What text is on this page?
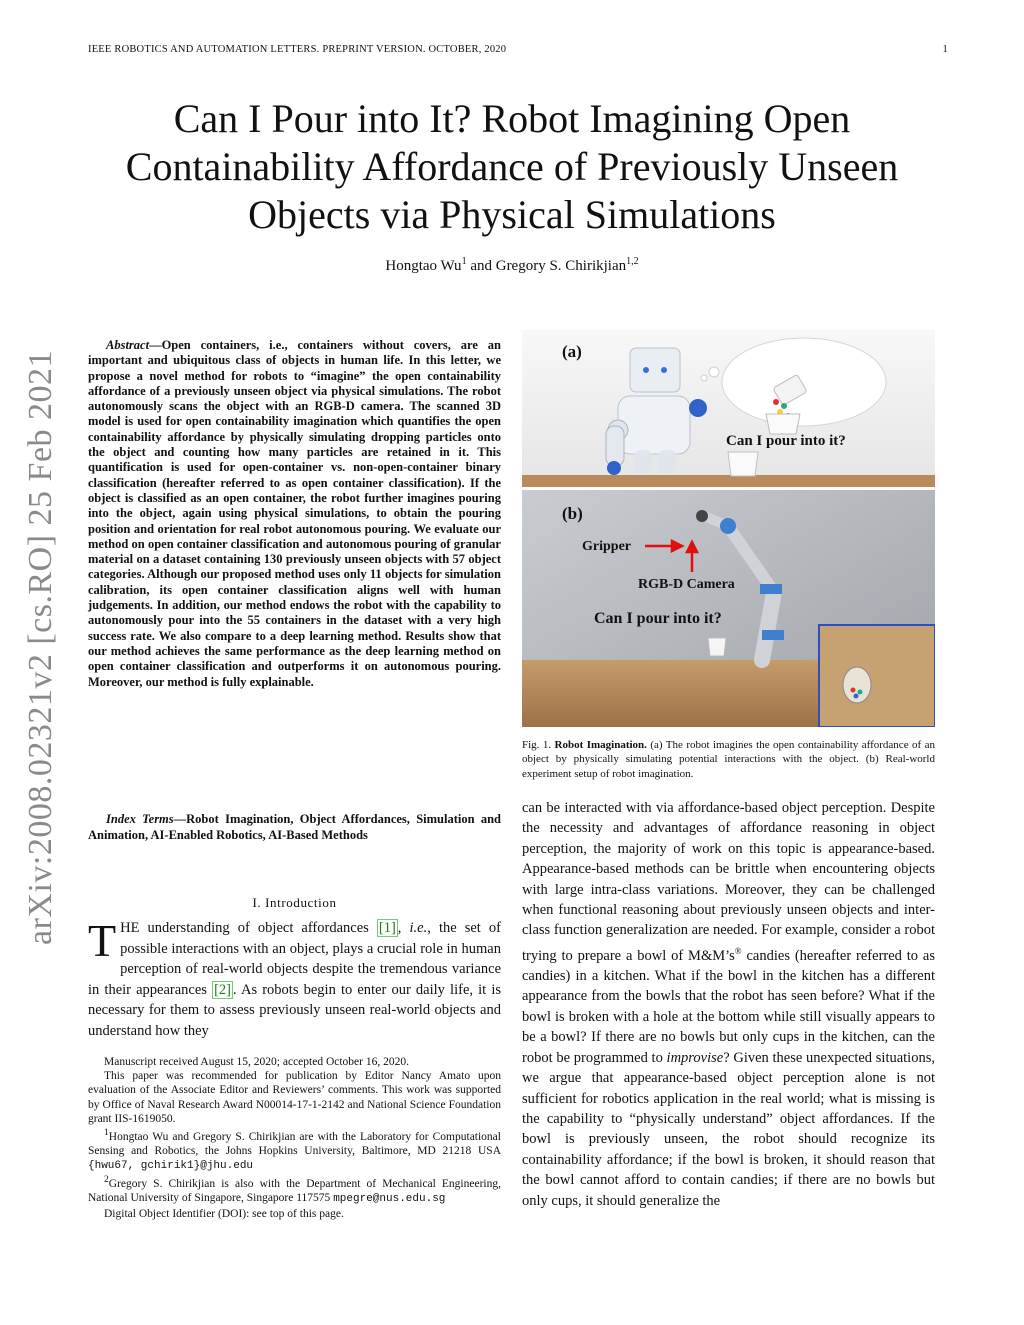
IEEE ROBOTICS AND AUTOMATION LETTERS. PREPRINT VERSION. OCTOBER, 2020	1
Can I Pour into It? Robot Imagining Open Containability Affordance of Previously Unseen Objects via Physical Simulations
Hongtao Wu$^1$ and Gregory S. Chirikjian$^{1,2}$
arXiv:2008.02321v2 [cs.RO] 25 Feb 2021
Abstract—Open containers, i.e., containers without covers, are an important and ubiquitous class of objects in human life. In this letter, we propose a novel method for robots to “imagine” the open containability affordance of a previously unseen object via physical simulations. The robot autonomously scans the object with an RGB-D camera. The scanned 3D model is used for open containability imagination which quantifies the open containability affordance by physically simulating dropping particles onto the object and counting how many particles are retained in it. This quantification is used for open-container vs. non-open-container binary classification (hereafter referred to as open container classification). If the object is classified as an open container, the robot further imagines pouring into the object, again using physical simulations, to obtain the pouring position and orientation for real robot autonomous pouring. We evaluate our method on open container classification and autonomous pouring of granular material on a dataset containing 130 previously unseen objects with 57 object categories. Although our proposed method uses only 11 objects for simulation calibration, its open container classification aligns well with human judgements. In addition, our method endows the robot with the capability to autonomously pour into the 55 containers in the dataset with a very high success rate. We also compare to a deep learning method. Results show that our method achieves the same performance as the deep learning method on open container classification and outperforms it on autonomous pouring. Moreover, our method is fully explainable.
Index Terms—Robot Imagination, Object Affordances, Simulation and Animation, AI-Enabled Robotics, AI-Based Methods
I. Introduction
THE understanding of object affordances [1] , i.e., the set of possible interactions with an object, plays a crucial role in human perception of real-world objects despite the tremendous variance in their appearances [2] . As robots begin to enter our daily life, it is necessary for them to assess previously unseen real-world objects and understand how they

Manuscript received August 15, 2020; accepted October 16, 2020.

This paper was recommended for publication by Editor Nancy Amato upon evaluation of the Associate Editor and Reviewers’ comments. This work was supported by Office of Naval Research Award N00014-17-1-2142 and National Science Foundation grant IIS-1619050.

$^1$Hongtao Wu and Gregory S. Chirikjian are with the Laboratory for Computational Sensing and Robotics, the Johns Hopkins University, Baltimore, MD 21218 USA {hwu67, gchirik1}@jhu.edu

$^2$Gregory S. Chirikjian is also with the Department of Mechanical Engineering, National University of Singapore, Singapore 117575 mpegre@nus.edu.sg

Digital Object Identifier (DOI): see top of this page.

(a)
Can I pour into it?
(b)
Gripper
RGB-D Camera
Can I pour into it?
Fig. 1. Robot Imagination. (a) The robot imagines the open containability affordance of an object by physically simulating potential interactions with the object. (b) Real-world experiment setup of robot imagination.
can be interacted with via affordance-based object perception. Despite the necessity and advantages of affordance reasoning in object perception, the majority of work on this topic is appearance-based. Appearance-based methods can be brittle when encountering objects with large intra-class variations. Moreover, they can be challenged when functional reasoning about previously unseen objects and inter-class function generalization are needed. For example, consider a robot trying to prepare a bowl of M&M’s® candies (hereafter referred to as candies) in a kitchen. What if the bowl in the kitchen has a different appearance from the bowls that the robot has seen before? What if the bowl is broken with a hole at the bottom while still visually appears to be a bowl? If there are no bowls but only cups in the kitchen, can the robot be programmed to improvise? Given these unexpected situations, we argue that appearance-based object perception alone is not sufficient for robotics application in the real world; what is missing is the capability to “physically understand” object affordances. If the bowl is previously unseen, the robot should recognize its containability affordance; if the bowl is broken, it should reason that the bowl cannot afford to contain candies; if there are no bowls but only cups, it should generalize the
